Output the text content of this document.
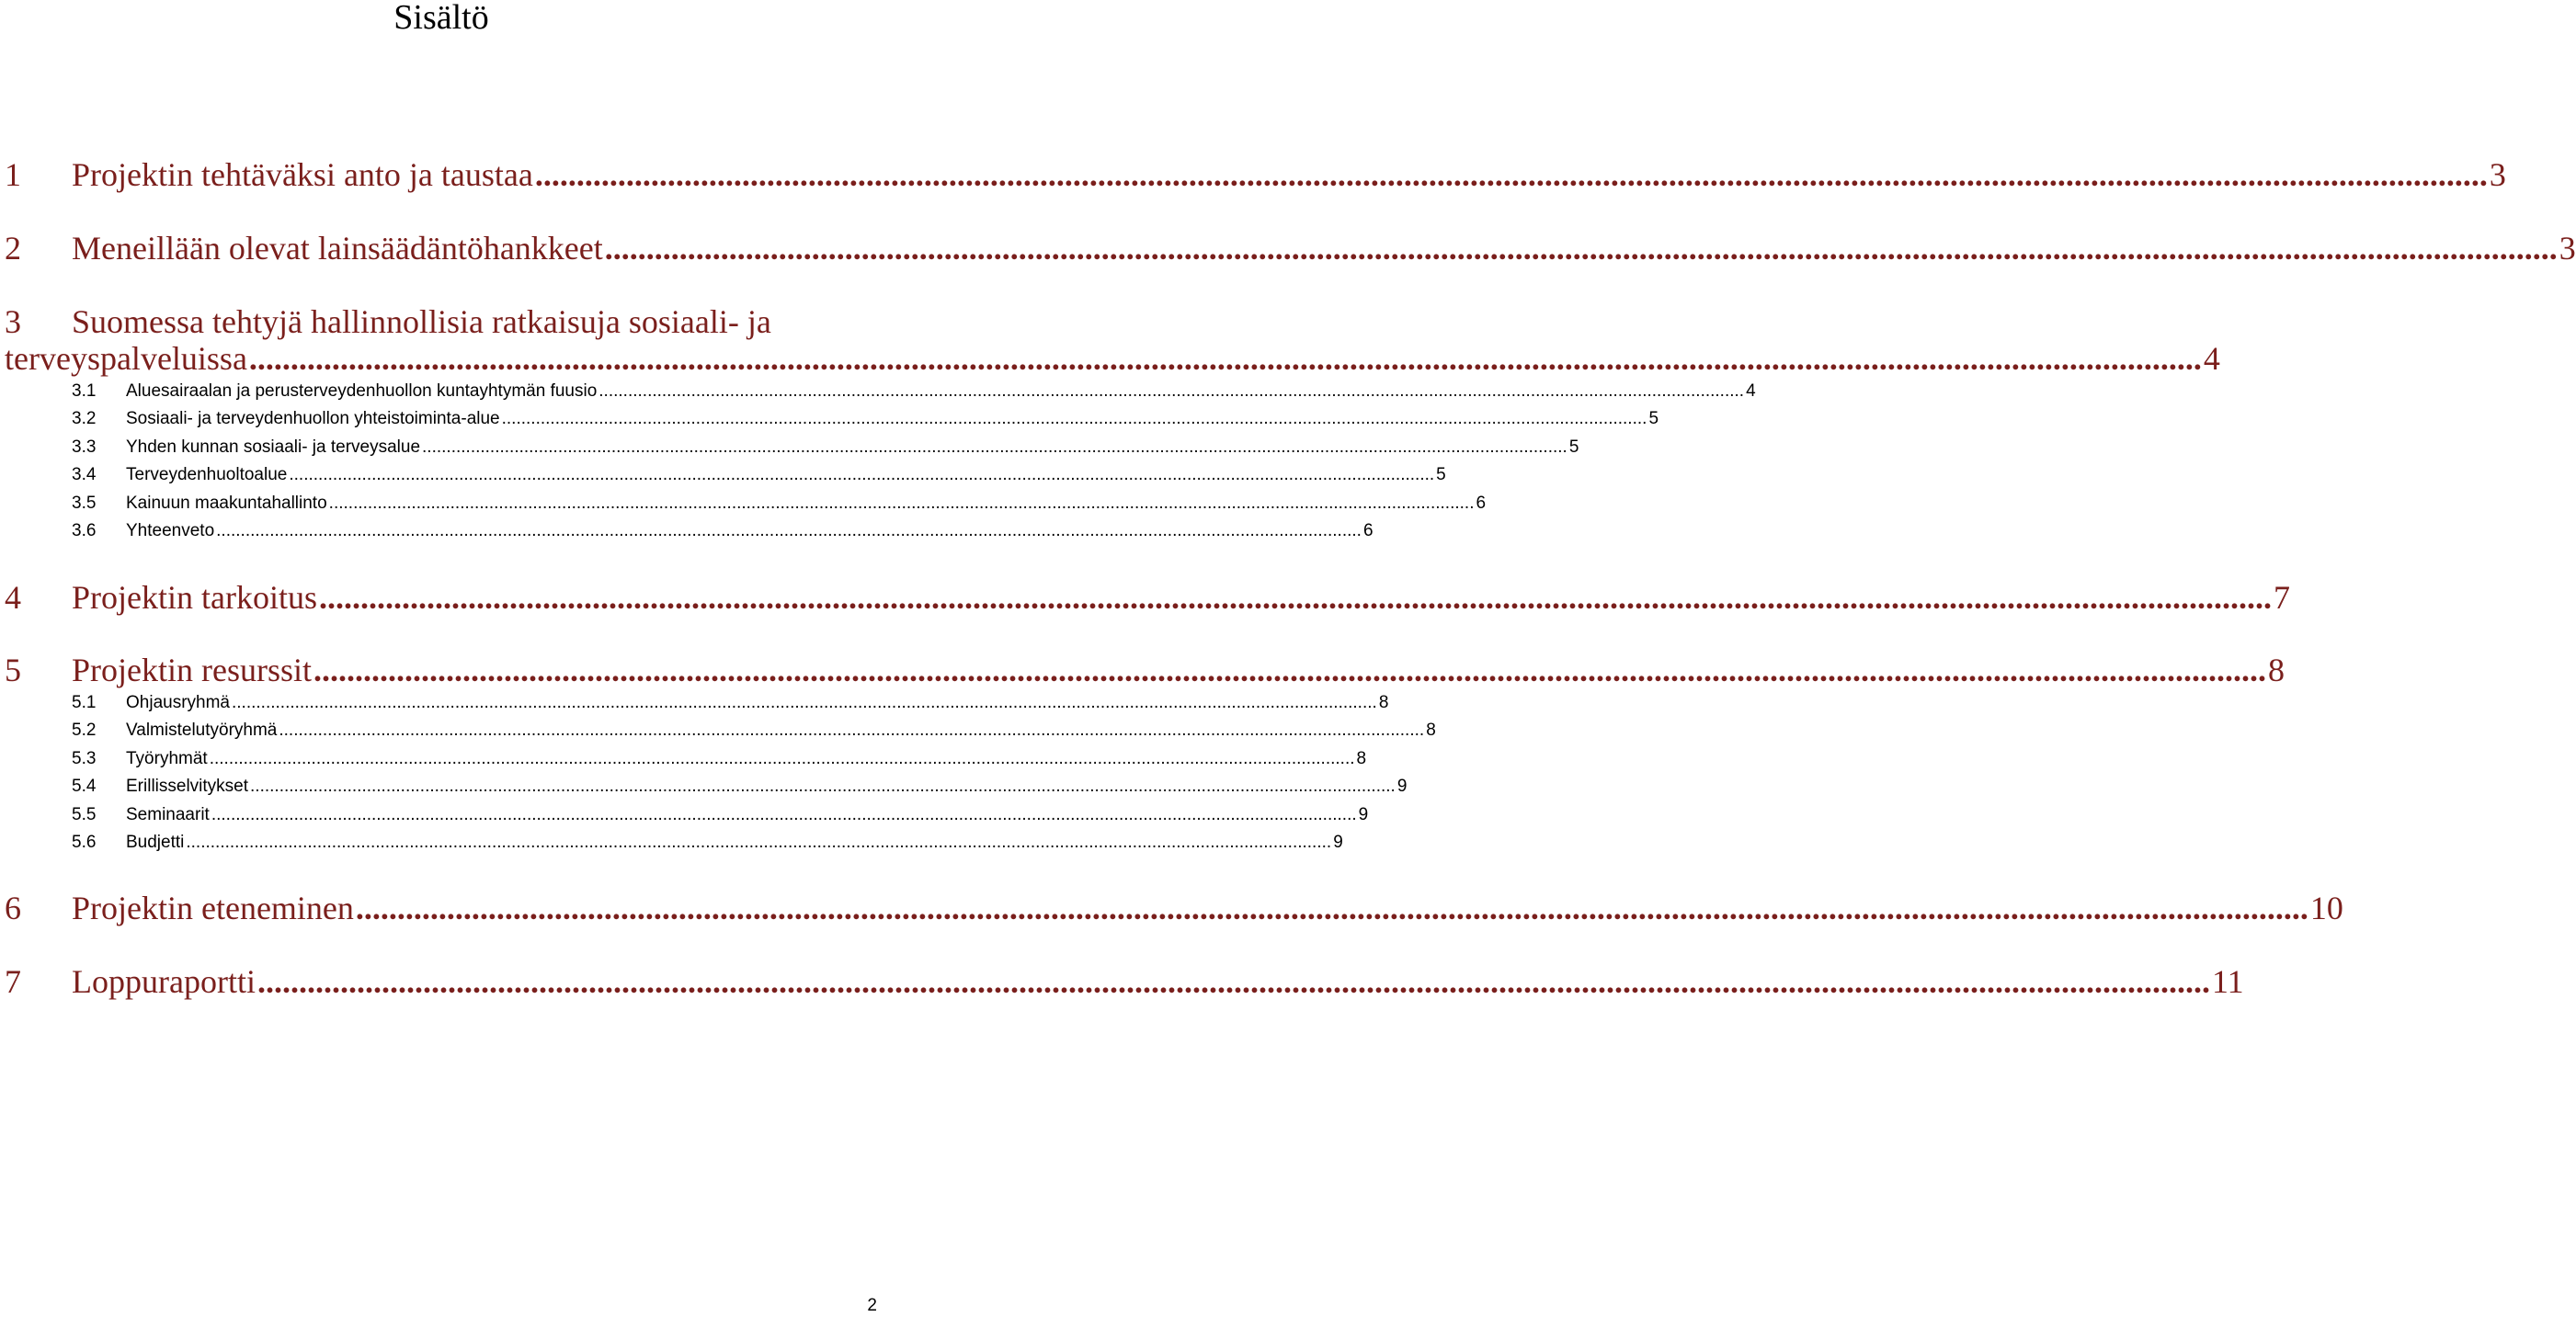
Sisältö
1	Projektin tehtäväksi anto ja taustaa ............................................................................................................................................................................................................................................ 3
2	Meneillään olevat lainsäädäntöhankkeet ............................................................................................................................................................................................................................................ 3
3 Suomessa tehtyjä hallinnollisia ratkaisuja sosiaali- ja
terveyspalveluissa ............................................................................................................................................................................................................................................ 4
3.1	Aluesairaalan ja perusterveydenhuollon kuntayhtymän fuusio ............................................................................................................................................................................................................................................ 4
3.2	Sosiaali- ja terveydenhuollon yhteistoiminta-alue ............................................................................................................................................................................................................................................ 5
3.3	Yhden kunnan sosiaali- ja terveysalue ............................................................................................................................................................................................................................................ 5
3.4	Terveydenhuoltoalue ............................................................................................................................................................................................................................................ 5
3.5	Kainuun maakuntahallinto ............................................................................................................................................................................................................................................ 6
3.6	Yhteenveto ............................................................................................................................................................................................................................................ 6
4	Projektin tarkoitus ............................................................................................................................................................................................................................................ 7
5	Projektin resurssit ............................................................................................................................................................................................................................................ 8
5.1	Ohjausryhmä ............................................................................................................................................................................................................................................ 8
5.2	Valmistelutyöryhmä ............................................................................................................................................................................................................................................ 8
5.3	Työryhmät ............................................................................................................................................................................................................................................ 8
5.4	Erillisselvitykset ............................................................................................................................................................................................................................................ 9
5.5	Seminaarit ............................................................................................................................................................................................................................................ 9
5.6	Budjetti ............................................................................................................................................................................................................................................ 9
6	Projektin eteneminen ............................................................................................................................................................................................................................................ 10
7	Loppuraportti ............................................................................................................................................................................................................................................ 11
2
